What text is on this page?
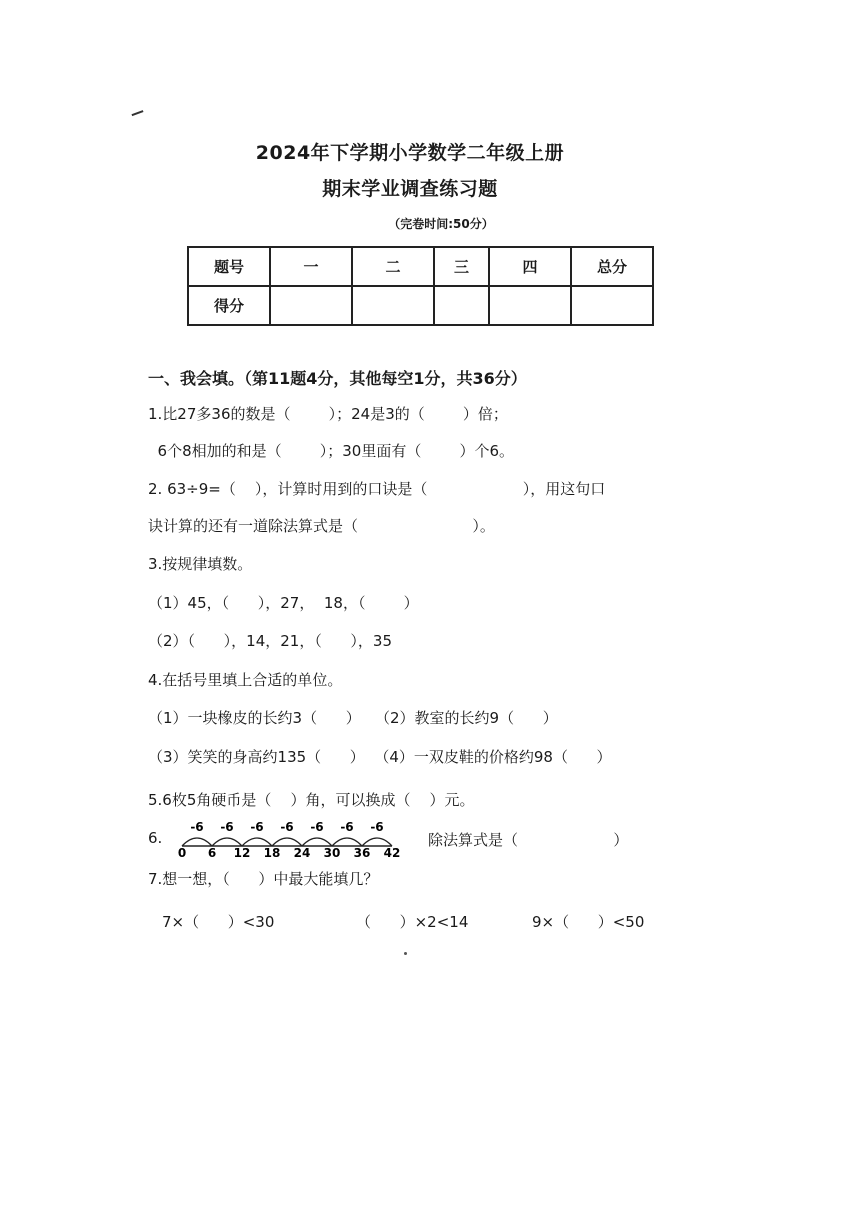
2024年下学期小学数学二年级上册
期末学业调查练习题
（完卷时间:50分）
题号	一	二	三	四	总分
得分					
一、我会填。（第11题4分，其他每空1分，共36分）
1.比27多36的数是（        ）；24是3的（        ）倍；
6个8相加的和是（        ）；30里面有（        ）个6。
2. 63÷9=（    ），计算时用到的口诀是（                    ），用这句口
诀计算的还有一道除法算式是（                        ）。
3.按规律填数。
（1）45，（      ），27，  18，（        ）
（2）（      ），14，21，（      ），35
4.在括号里填上合适的单位。
（1）一块橡皮的长约3（      ）   （2）教室的长约9（      ）
（3）笑笑的身高约135（      ）  （4）一双皮鞋的价格约98（      ）
5.6枚5角硬币是（    ）角，可以换成（    ）元。
6.
0
-6
6
-6
12
-6
18
-6
24
-6
30
-6
36
-6
42
除法算式是（                    ）
7.想一想，（      ）中最大能填几？
7×（      ）<30	（      ）×2<14	9×（      ）<50
